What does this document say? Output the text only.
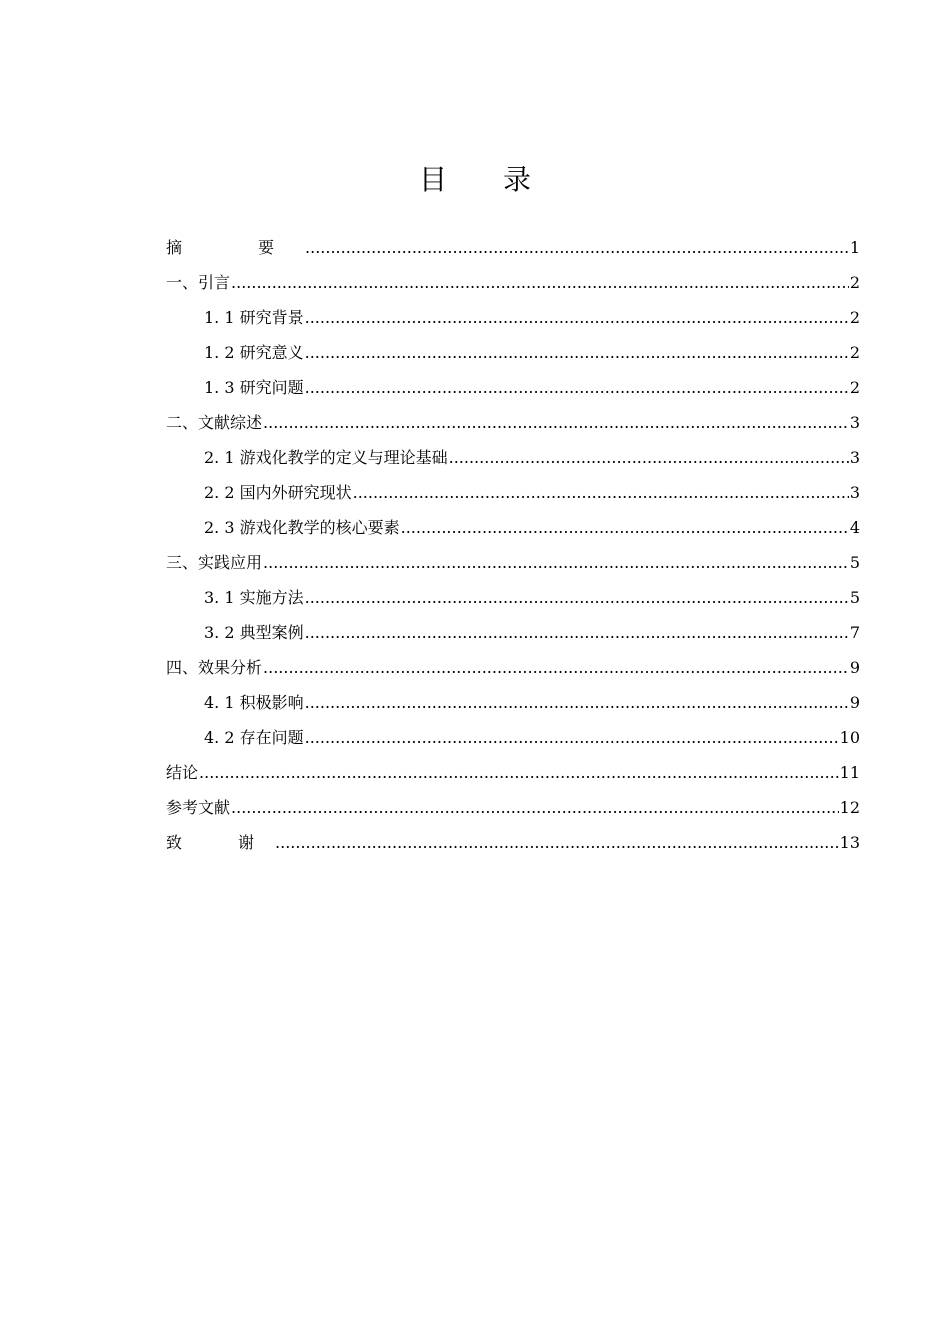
目 录
摘　要 .....	1
一、引言 .....	2
1. 1 研究背景 .....	2
1. 2 研究意义 .....	2
1. 3 研究问题 .....	2
二、文献综述 .....	3
2. 1 游戏化教学的定义与理论基础 .....	3
2. 2 国内外研究现状 .....	3
2. 3 游戏化教学的核心要素 .....	4
三、实践应用 .....	5
3. 1 实施方法 .....	5
3. 2 典型案例 .....	7
四、效果分析 .....	9
4. 1 积极影响 .....	9
4. 2 存在问题 .....	10
结论 .....	11
参考文献 .....	12
致　谢 .....	13
